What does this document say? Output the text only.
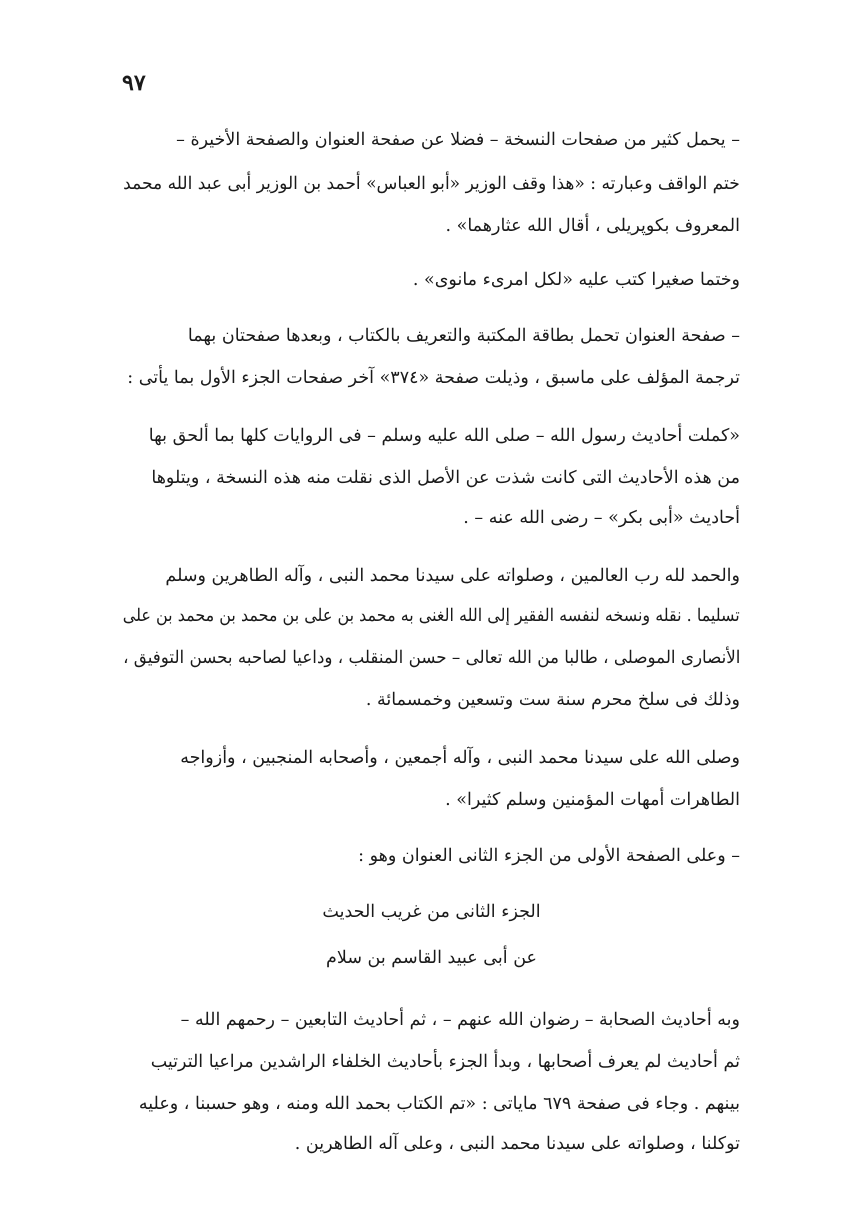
٩٧
– يحمل كثير من صفحات النسخة – فضلا عن صفحة العنوان والصفحة الأخيرة –
ختم الواقف وعبارته : «هذا وقف الوزير «أبو العباس» أحمد بن الوزير أبى عبد الله محمد
المعروف بكوپريلى ، أقال الله عثارهما» .
وختما صغيرا كتب عليه «لكل امرىء مانوى» .
– صفحة العنوان تحمل بطاقة المكتبة والتعريف بالكتاب ، وبعدها صفحتان بهما
ترجمة المؤلف على ماسبق ، وذيلت صفحة «٣٧٤» آخر صفحات الجزء الأول بما يأتى :
«كملت أحاديث رسول الله – صلى الله عليه وسلم – فى الروايات كلها بما ألحق بها
من هذه الأحاديث التى كانت شذت عن الأصل الذى نقلت منه هذه النسخة ، ويتلوها
أحاديث «أبى بكر» – رضى الله عنه – .
والحمد لله رب العالمين ، وصلواته على سيدنا محمد النبى ، وآله الطاهرين وسلم
تسليما . نقله ونسخه لنفسه الفقير إلى الله الغنى به محمد بن على بن محمد بن محمد بن على
الأنصارى الموصلى ، طالبا من الله تعالى – حسن المنقلب ، وداعيا لصاحبه بحسن التوفيق ،
وذلك فى سلخ محرم سنة ست وتسعين وخمسمائة .
وصلى الله على سيدنا محمد النبى ، وآله أجمعين ، وأصحابه المنجبين ، وأزواجه
الطاهرات أمهات المؤمنين وسلم كثيرا» .
– وعلى الصفحة الأولى من الجزء الثانى العنوان وهو :
الجزء الثانى من غريب الحديث
عن أبى عبيد القاسم بن سلام
وبه أحاديث الصحابة – رضوان الله عنهم – ، ثم أحاديث التابعين – رحمهم الله –
ثم أحاديث لم يعرف أصحابها ، وبدأ الجزء بأحاديث الخلفاء الراشدين مراعيا الترتيب
بينهم . وجاء فى صفحة ٦٧٩ ماياتى : «تم الكتاب بحمد الله ومنه ، وهو حسبنا ، وعليه
توكلنا ، وصلواته على سيدنا محمد النبى ، وعلى آله الطاهرين .
